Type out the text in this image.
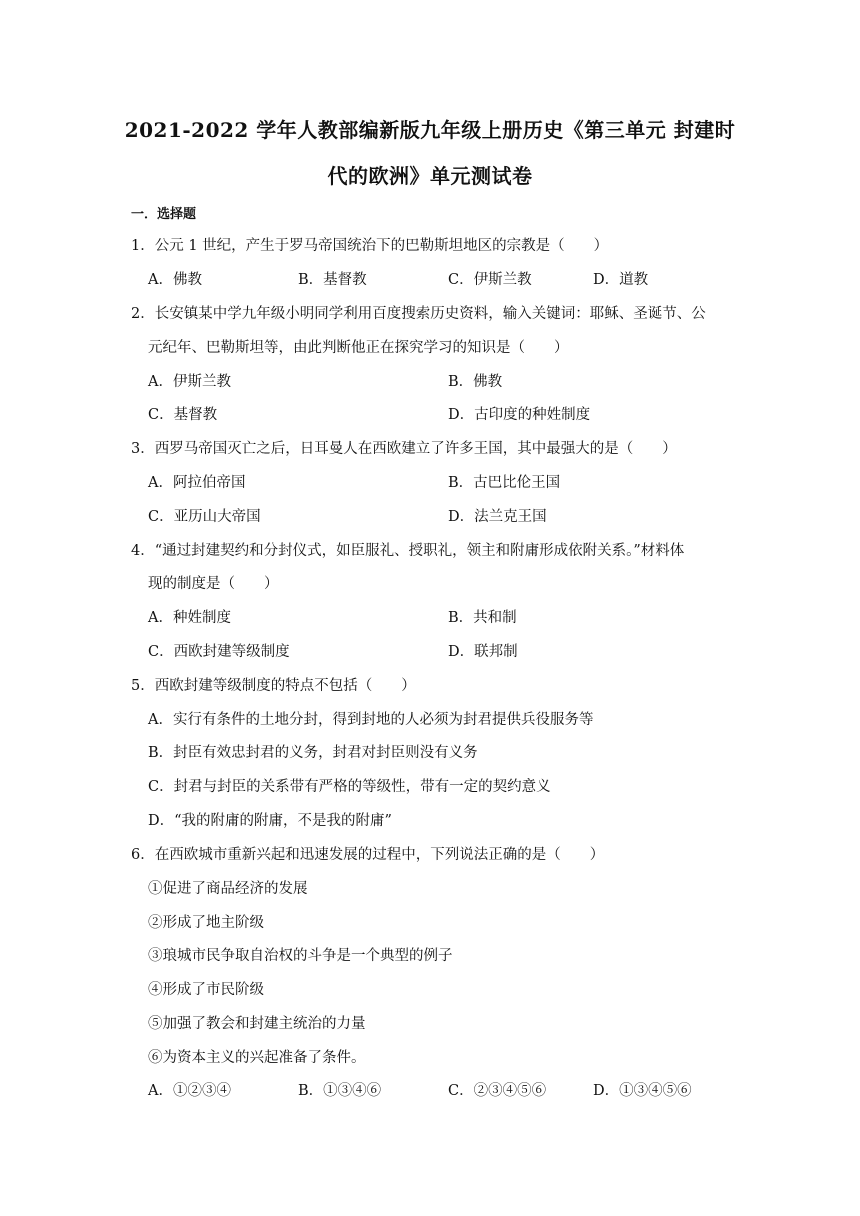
2021-2022 学年人教部编新版九年级上册历史《第三单元 封建时
代的欧洲》单元测试卷
一．选择题
1．公元 1 世纪，产生于罗马帝国统治下的巴勒斯坦地区的宗教是（　　）
A．佛教	B．基督教	C．伊斯兰教	D．道教
2．长安镇某中学九年级小明同学利用百度搜索历史资料，输入关键词：耶稣、圣诞节、公
元纪年、巴勒斯坦等，由此判断他正在探究学习的知识是（　　）
A．伊斯兰教	B．佛教
C．基督教	D．古印度的种姓制度
3．西罗马帝国灭亡之后，日耳曼人在西欧建立了许多王国，其中最强大的是（　　）
A．阿拉伯帝国	B．古巴比伦王国
C．亚历山大帝国	D．法兰克王国
4．“通过封建契约和分封仪式，如臣服礼、授职礼，领主和附庸形成依附关系。”材料体
现的制度是（　　）
A．种姓制度	B．共和制
C．西欧封建等级制度	D．联邦制
5．西欧封建等级制度的特点不包括（　　）
A．实行有条件的土地分封，得到封地的人必须为封君提供兵役服务等
B．封臣有效忠封君的义务，封君对封臣则没有义务
C．封君与封臣的关系带有严格的等级性，带有一定的契约意义
D．“我的附庸的附庸，不是我的附庸”
6．在西欧城市重新兴起和迅速发展的过程中，下列说法正确的是（　　）
①促进了商品经济的发展
②形成了地主阶级
③琅城市民争取自治权的斗争是一个典型的例子
④形成了市民阶级
⑤加强了教会和封建主统治的力量
⑥为资本主义的兴起准备了条件。
A．①②③④	B．①③④⑥	C．②③④⑤⑥	D．①③④⑤⑥
